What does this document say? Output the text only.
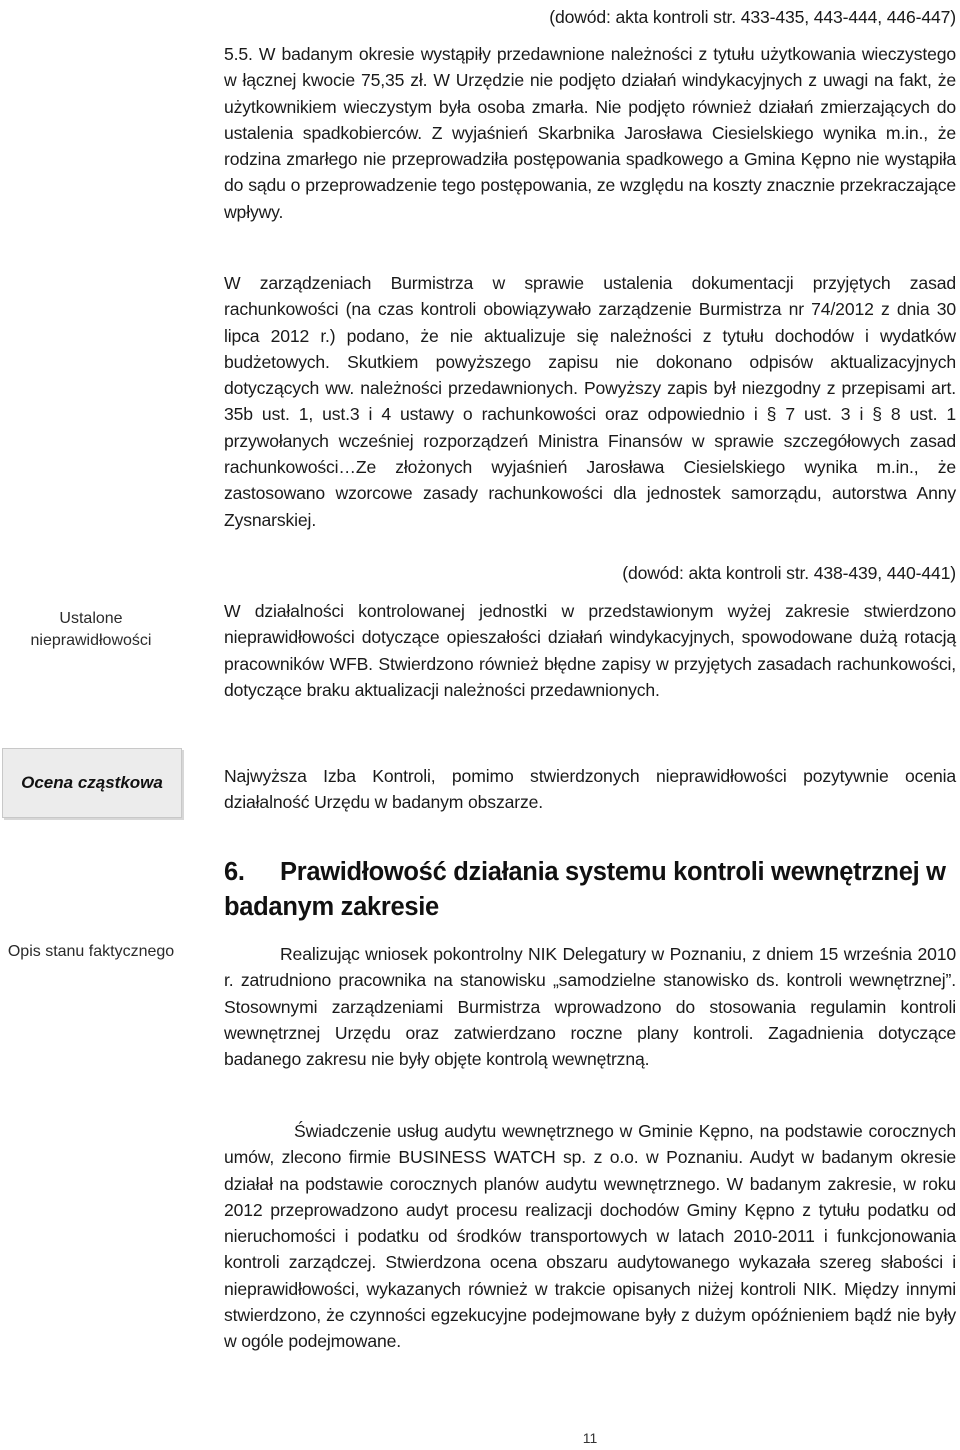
(dowód: akta kontroli str. 433-435, 443-444, 446-447)

5.5. W badanym okresie wystąpiły przedawnione należności z tytułu użytkowania wieczystego w łącznej kwocie 75,35 zł. W Urzędzie nie podjęto działań windykacyjnych z uwagi na fakt, że użytkownikiem wieczystym była osoba zmarła. Nie podjęto również działań zmierzających do ustalenia spadkobierców. Z wyjaśnień Skarbnika Jarosława Ciesielskiego wynika m.in., że rodzina zmarłego nie przeprowadziła postępowania spadkowego a Gmina Kępno nie wystąpiła do sądu o przeprowadzenie tego postępowania, ze względu na koszty znacznie przekraczające wpływy.

W zarządzeniach Burmistrza w sprawie ustalenia dokumentacji przyjętych zasad rachunkowości (na czas kontroli obowiązywało zarządzenie Burmistrza nr 74/2012 z dnia 30 lipca 2012 r.) podano, że nie aktualizuje się należności z tytułu dochodów i wydatków budżetowych. Skutkiem powyższego zapisu nie dokonano odpisów aktualizacyjnych dotyczących ww. należności przedawnionych. Powyższy zapis był niezgodny z przepisami art. 35b ust. 1, ust.3 i 4 ustawy o rachunkowości oraz odpowiednio i § 7 ust. 3 i § 8 ust. 1 przywołanych wcześniej rozporządzeń Ministra Finansów w sprawie szczegółowych zasad rachunkowości…Ze złożonych wyjaśnień Jarosława Ciesielskiego wynika m.in., że zastosowano wzorcowe zasady rachunkowości dla jednostek samorządu, autorstwa Anny Zysnarskiej.

(dowód: akta kontroli str. 438-439, 440-441)

Ustalone nieprawidłowości

W działalności kontrolowanej jednostki w przedstawionym wyżej zakresie stwierdzono nieprawidłowości dotyczące opieszałości działań windykacyjnych, spowodowane dużą rotacją pracowników WFB. Stwierdzono również błędne zapisy w przyjętych zasadach rachunkowości, dotyczące braku aktualizacji należności przedawnionych.

Ocena cząstkowa	Najwyższa Izba Kontroli, pomimo stwierdzonych nieprawidłowości pozytywnie ocenia działalność Urzędu w badanym obszarze.

6. Prawidłowość działania systemu kontroli wewnętrznej w badanym zakresie
Opis stanu faktycznego	Realizując wniosek pokontrolny NIK Delegatury w Poznaniu, z dniem 15 września 2010 r. zatrudniono pracownika na stanowisku „samodzielne stanowisko ds. kontroli wewnętrznej”. Stosownymi zarządzeniami Burmistrza wprowadzono do stosowania regulamin kontroli wewnętrznej Urzędu oraz zatwierdzano roczne plany kontroli. Zagadnienia dotyczące badanego zakresu nie były objęte kontrolą wewnętrzną.

Świadczenie usług audytu wewnętrznego w Gminie Kępno, na podstawie corocznych umów, zlecono firmie BUSINESS WATCH sp. z o.o. w Poznaniu. Audyt w badanym okresie działał na podstawie corocznych planów audytu wewnętrznego. W badanym zakresie, w roku 2012 przeprowadzono audyt procesu realizacji dochodów Gminy Kępno z tytułu podatku od nieruchomości i podatku od środków transportowych w latach 2010-2011 i funkcjonowania kontroli zarządczej. Stwierdzona ocena obszaru audytowanego wykazała szereg słabości i nieprawidłowości, wykazanych również w trakcie opisanych niżej kontroli NIK. Między innymi stwierdzono, że czynności egzekucyjne podejmowane były z dużym opóźnieniem bądź nie były w ogóle podejmowane.

11
